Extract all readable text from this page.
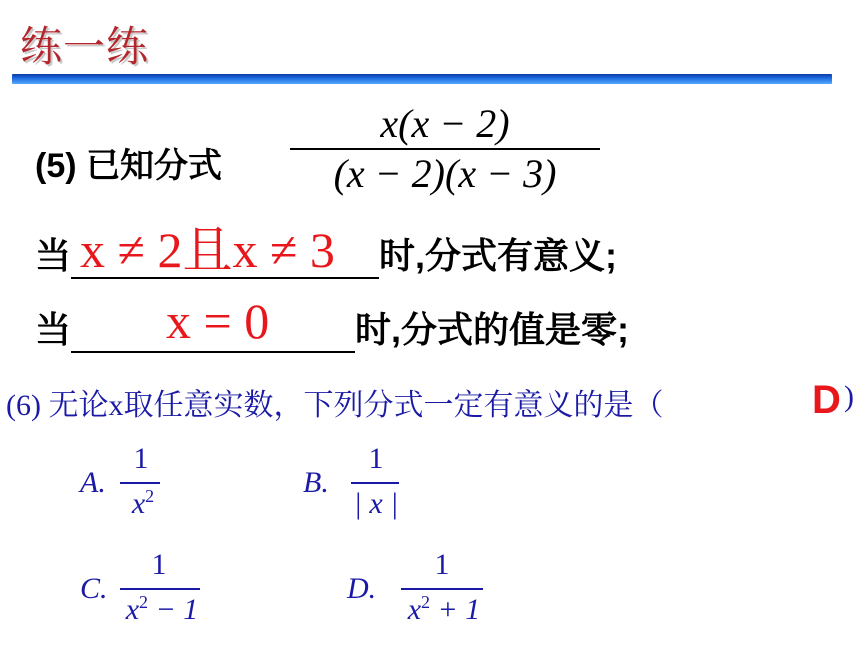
练一练
(5) 已知分式
x(x − 2)
(x − 2)(x − 3)
当	时,分式有意义;
x ≠ 2且x ≠ 3
当	时,分式的值是零;
x = 0
(6) 无论x取任意实数，下列分式一定有意义的是（	)
D
A.
1
$x^2$	B.
1
| x |
C.
1
$x^2 - 1$
D.
1
$x^2 + 1$
